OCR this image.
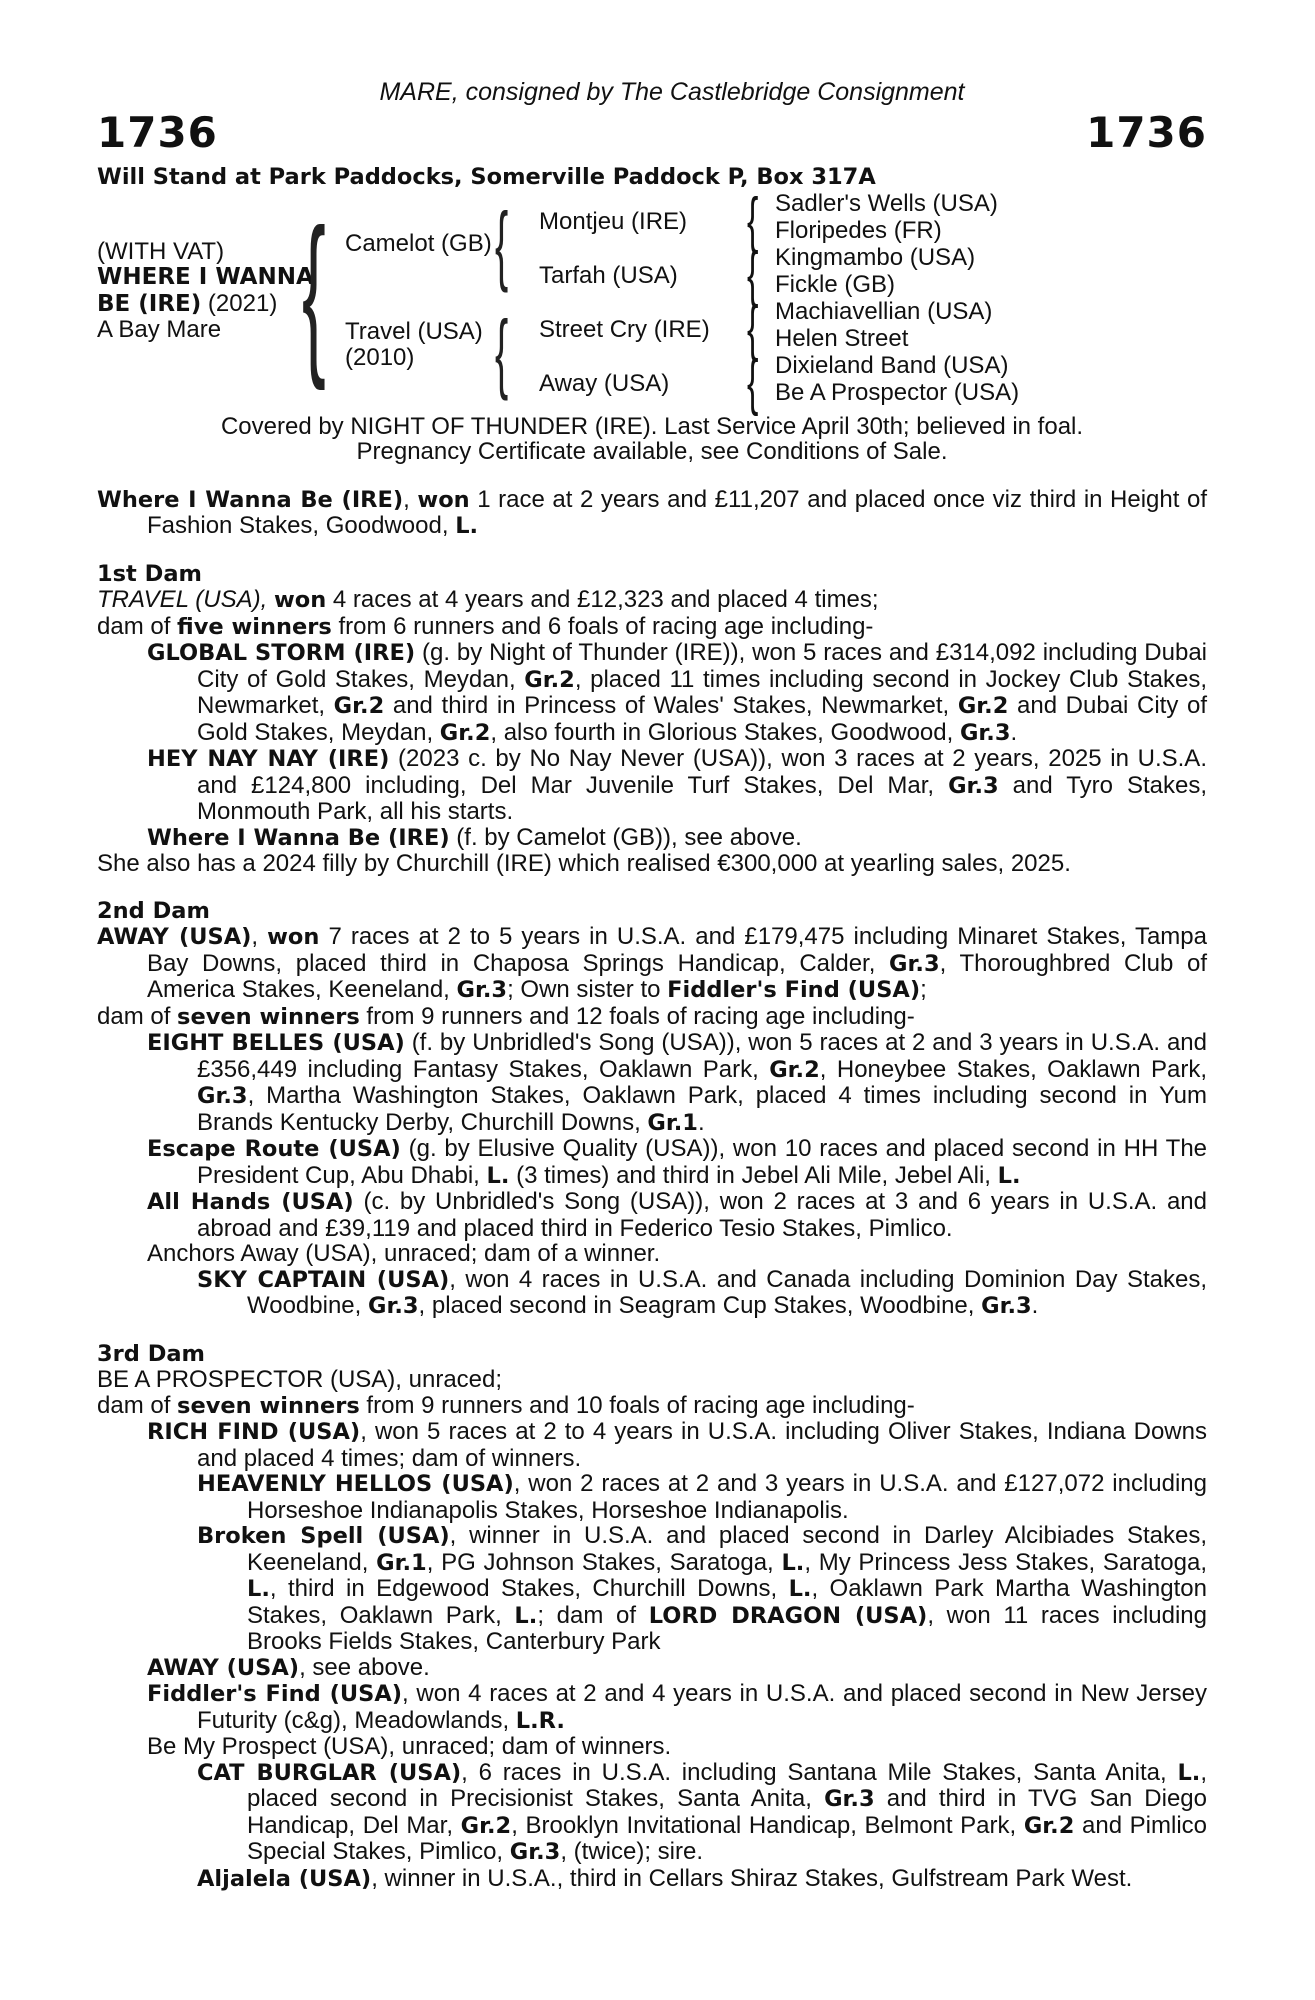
MARE, consigned by The Castlebridge Consignment
1736	1736
Will Stand at Park Paddocks, Somerville Paddock P, Box 317A
(WITH VAT)
WHERE I WANNA
BE (IRE) (2021)
A Bay Mare { Camelot (GB)
Travel (USA)
(2010)
{
{
Montjeu (IRE)
Tarfah (USA)
Street Cry (IRE)
Away (USA)
{
{
{
{
Sadler's Wells (USA)
Floripedes (FR)
Kingmambo (USA)
Fickle (GB)
Machiavellian (USA)
Helen Street
Dixieland Band (USA)
Be A Prospector (USA)
Covered by NIGHT OF THUNDER (IRE). Last Service April 30th; believed in foal.
Pregnancy Certificate available, see Conditions of Sale.

Where I Wanna Be (IRE), won 1 race at 2 years and £11,207 and placed once viz third in Height of Fashion Stakes, Goodwood, L.

1st Dam

TRAVEL (USA), won 4 races at 4 years and £12,323 and placed 4 times;

dam of five winners from 6 runners and 6 foals of racing age including-

GLOBAL STORM (IRE) (g. by Night of Thunder (IRE)), won 5 races and £314,092 including Dubai City of Gold Stakes, Meydan, Gr.2, placed 11 times including second in Jockey Club Stakes, Newmarket, Gr.2 and third in Princess of Wales' Stakes, Newmarket, Gr.2 and Dubai City of Gold Stakes, Meydan, Gr.2, also fourth in Glorious Stakes, Goodwood, Gr.3.

HEY NAY NAY (IRE) (2023 c. by No Nay Never (USA)), won 3 races at 2 years, 2025 in U.S.A. and £124,800 including, Del Mar Juvenile Turf Stakes, Del Mar, Gr.3 and Tyro Stakes, Monmouth Park, all his starts.

Where I Wanna Be (IRE) (f. by Camelot (GB)), see above.

She also has a 2024 filly by Churchill (IRE) which realised €300,000 at yearling sales, 2025.

2nd Dam

AWAY (USA), won 7 races at 2 to 5 years in U.S.A. and £179,475 including Minaret Stakes, Tampa Bay Downs, placed third in Chaposa Springs Handicap, Calder, Gr.3, Thoroughbred Club of America Stakes, Keeneland, Gr.3; Own sister to Fiddler's Find (USA);

dam of seven winners from 9 runners and 12 foals of racing age including-

EIGHT BELLES (USA) (f. by Unbridled's Song (USA)), won 5 races at 2 and 3 years in U.S.A. and £356,449 including Fantasy Stakes, Oaklawn Park, Gr.2, Honeybee Stakes, Oaklawn Park, Gr.3, Martha Washington Stakes, Oaklawn Park, placed 4 times including second in Yum Brands Kentucky Derby, Churchill Downs, Gr.1.

Escape Route (USA) (g. by Elusive Quality (USA)), won 10 races and placed second in HH The President Cup, Abu Dhabi, L. (3 times) and third in Jebel Ali Mile, Jebel Ali, L.

All Hands (USA) (c. by Unbridled's Song (USA)), won 2 races at 3 and 6 years in U.S.A. and abroad and £39,119 and placed third in Federico Tesio Stakes, Pimlico.

Anchors Away (USA), unraced; dam of a winner.

SKY CAPTAIN (USA), won 4 races in U.S.A. and Canada including Dominion Day Stakes, Woodbine, Gr.3, placed second in Seagram Cup Stakes, Woodbine, Gr.3.

3rd Dam

BE A PROSPECTOR (USA), unraced;

dam of seven winners from 9 runners and 10 foals of racing age including-

RICH FIND (USA), won 5 races at 2 to 4 years in U.S.A. including Oliver Stakes, Indiana Downs and placed 4 times; dam of winners.

HEAVENLY HELLOS (USA), won 2 races at 2 and 3 years in U.S.A. and £127,072 including Horseshoe Indianapolis Stakes, Horseshoe Indianapolis.

Broken Spell (USA), winner in U.S.A. and placed second in Darley Alcibiades Stakes, Keeneland, Gr.1, PG Johnson Stakes, Saratoga, L., My Princess Jess Stakes, Saratoga, L., third in Edgewood Stakes, Churchill Downs, L., Oaklawn Park Martha Washington Stakes, Oaklawn Park, L.; dam of LORD DRAGON (USA), won 11 races including Brooks Fields Stakes, Canterbury Park

AWAY (USA), see above.

Fiddler's Find (USA), won 4 races at 2 and 4 years in U.S.A. and placed second in New Jersey Futurity (c&g), Meadowlands, L.R.

Be My Prospect (USA), unraced; dam of winners.

CAT BURGLAR (USA), 6 races in U.S.A. including Santana Mile Stakes, Santa Anita, L., placed second in Precisionist Stakes, Santa Anita, Gr.3 and third in TVG San Diego Handicap, Del Mar, Gr.2, Brooklyn Invitational Handicap, Belmont Park, Gr.2 and Pimlico Special Stakes, Pimlico, Gr.3, (twice); sire.

Aljalela (USA), winner in U.S.A., third in Cellars Shiraz Stakes, Gulfstream Park West.
